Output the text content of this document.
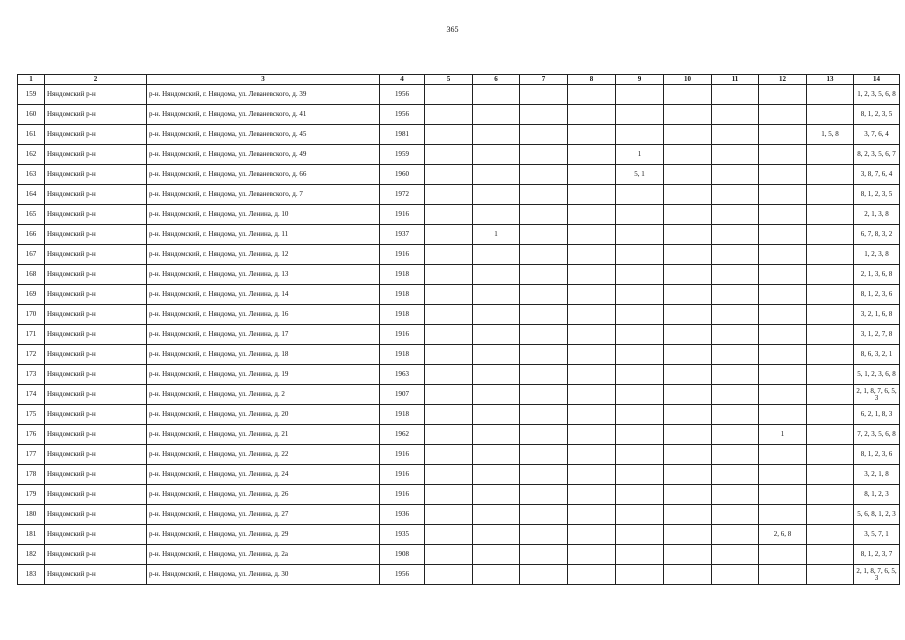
365
1	2	3	4	5	6	7	8	9	10	11	12	13	14
159	Няндомский р-н	р-н. Няндомский, г. Няндома, ул. Леваневского, д. 39	1956										1, 2, 3, 5, 6, 8
160	Няндомский р-н	р-н. Няндомский, г. Няндома, ул. Леваневского, д. 41	1956										8, 1, 2, 3, 5
161	Няндомский р-н	р-н. Няндомский, г. Няндома, ул. Леваневского, д. 45	1981									1, 5, 8	3, 7, 6, 4
162	Няндомский р-н	р-н. Няндомский, г. Няндома, ул. Леваневского, д. 49	1959					1					8, 2, 3, 5, 6, 7
163	Няндомский р-н	р-н. Няндомский, г. Няндома, ул. Леваневского, д. 66	1960					5, 1					3, 8, 7, 6, 4
164	Няндомский р-н	р-н. Няндомский, г. Няндома, ул. Леваневского, д. 7	1972										8, 1, 2, 3, 5
165	Няндомский р-н	р-н. Няндомский, г. Няндома, ул. Ленина, д. 10	1916										2, 1, 3, 8
166	Няндомский р-н	р-н. Няндомский, г. Няндома, ул. Ленина, д. 11	1937		1								6, 7, 8, 3, 2
167	Няндомский р-н	р-н. Няндомский, г. Няндома, ул. Ленина, д. 12	1916										1, 2, 3, 8
168	Няндомский р-н	р-н. Няндомский, г. Няндома, ул. Ленина, д. 13	1918										2, 1, 3, 6, 8
169	Няндомский р-н	р-н. Няндомский, г. Няндома, ул. Ленина, д. 14	1918										8, 1, 2, 3, 6
170	Няндомский р-н	р-н. Няндомский, г. Няндома, ул. Ленина, д. 16	1918										3, 2, 1, 6, 8
171	Няндомский р-н	р-н. Няндомский, г. Няндома, ул. Ленина, д. 17	1916										3, 1, 2, 7, 8
172	Няндомский р-н	р-н. Няндомский, г. Няндома, ул. Ленина, д. 18	1918										8, 6, 3, 2, 1
173	Няндомский р-н	р-н. Няндомский, г. Няндома, ул. Ленина, д. 19	1963										5, 1, 2, 3, 6, 8
174	Няндомский р-н	р-н. Няндомский, г. Няндома, ул. Ленина, д. 2	1907										2, 1, 8, 7, 6, 5, 3
175	Няндомский р-н	р-н. Няндомский, г. Няндома, ул. Ленина, д. 20	1918										6, 2, 1, 8, 3
176	Няндомский р-н	р-н. Няндомский, г. Няндома, ул. Ленина, д. 21	1962								1		7, 2, 3, 5, 6, 8
177	Няндомский р-н	р-н. Няндомский, г. Няндома, ул. Ленина, д. 22	1916										8, 1, 2, 3, 6
178	Няндомский р-н	р-н. Няндомский, г. Няндома, ул. Ленина, д. 24	1916										3, 2, 1, 8
179	Няндомский р-н	р-н. Няндомский, г. Няндома, ул. Ленина, д. 26	1916										8, 1, 2, 3
180	Няндомский р-н	р-н. Няндомский, г. Няндома, ул. Ленина, д. 27	1936										5, 6, 8, 1, 2, 3
181	Няндомский р-н	р-н. Няндомский, г. Няндома, ул. Ленина, д. 29	1935								2, 6, 8		3, 5, 7, 1
182	Няндомский р-н	р-н. Няндомский, г. Няндома, ул. Ленина, д. 2а	1908										8, 1, 2, 3, 7
183	Няндомский р-н	р-н. Няндомский, г. Няндома, ул. Ленина, д. 30	1956										2, 1, 8, 7, 6, 5, 3
